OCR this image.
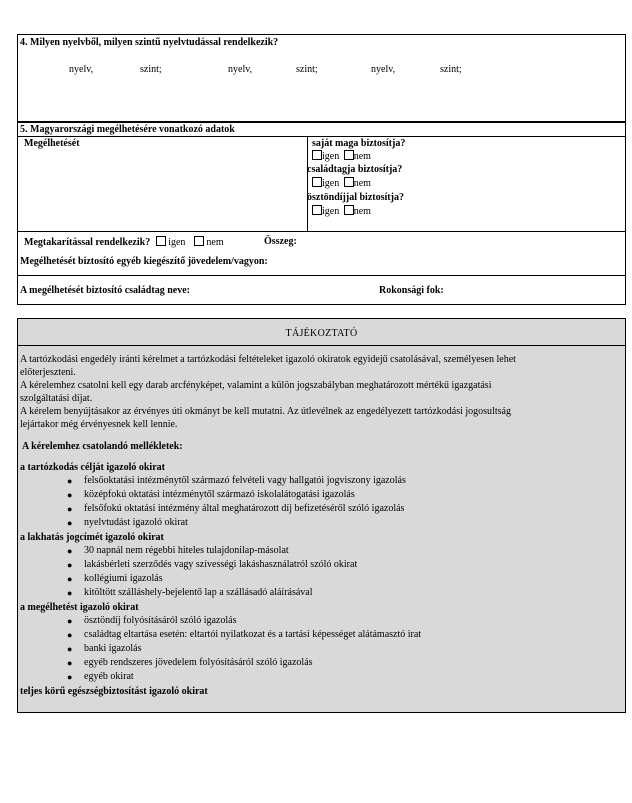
4. Milyen nyelvből, milyen szintű nyelvtudással rendelkezik?
nyelv,	szint;	nyelv,	szint;	nyelv,	szint;
5. Magyarországi megélhetésére vonatkozó adatok
Megélhetését	saját maga biztosítja?
igen nem
családtagja biztosítja?
igen nem
ösztöndíjjal biztosítja?
igen nem
Megtakarítással rendelkezik? igen nem	Összeg:
Megélhetését biztosító egyéb kiegészítő jövedelem/vagyon:
A megélhetését biztosító családtag neve:	Rokonsági fok:
TÁJÉKOZTATÓ
A tartózkodási engedély iránti kérelmet a tartózkodási feltételeket igazoló okiratok egyidejű csatolásával, személyesen lehet
előterjeszteni.
A kérelemhez csatolni kell egy darab arcfényképet, valamint a külön jogszabályban meghatározott mértékű igazgatási
szolgáltatási díjat.
A kérelem benyújtásakor az érvényes úti okmányt be kell mutatni. Az útlevélnek az engedélyezett tartózkodási jogosultság
lejártakor még érvényesnek kell lennie.
A kérelemhez csatolandó mellékletek:
a tartózkodás célját igazoló okirat
● felsőoktatási intézménytől származó felvételi vagy hallgatói jogviszony igazolás
● középfokú oktatási intézménytől származó iskolalátogatási igazolás
● felsőfokú oktatási intézmény által meghatározott díj befizetéséről szóló igazolás
● nyelvtudást igazoló okirat
a lakhatás jogcímét igazoló okirat
● 30 napnál nem régebbi hiteles tulajdonilap-másolat
● lakásbérleti szerződés vagy szívességi lakáshasználatról szóló okirat
● kollégiumi igazolás
● kitöltött szálláshely-bejelentő lap a szállásadó aláírásával
a megélhetést igazoló okirat
● ösztöndíj folyósításáról szóló igazolás
● családtag eltartása esetén: eltartói nyilatkozat és a tartási képességet alátámasztó irat
● banki igazolás
● egyéb rendszeres jövedelem folyósításáról szóló igazolás
● egyéb okirat
teljes körű egészségbiztosítást igazoló okirat
